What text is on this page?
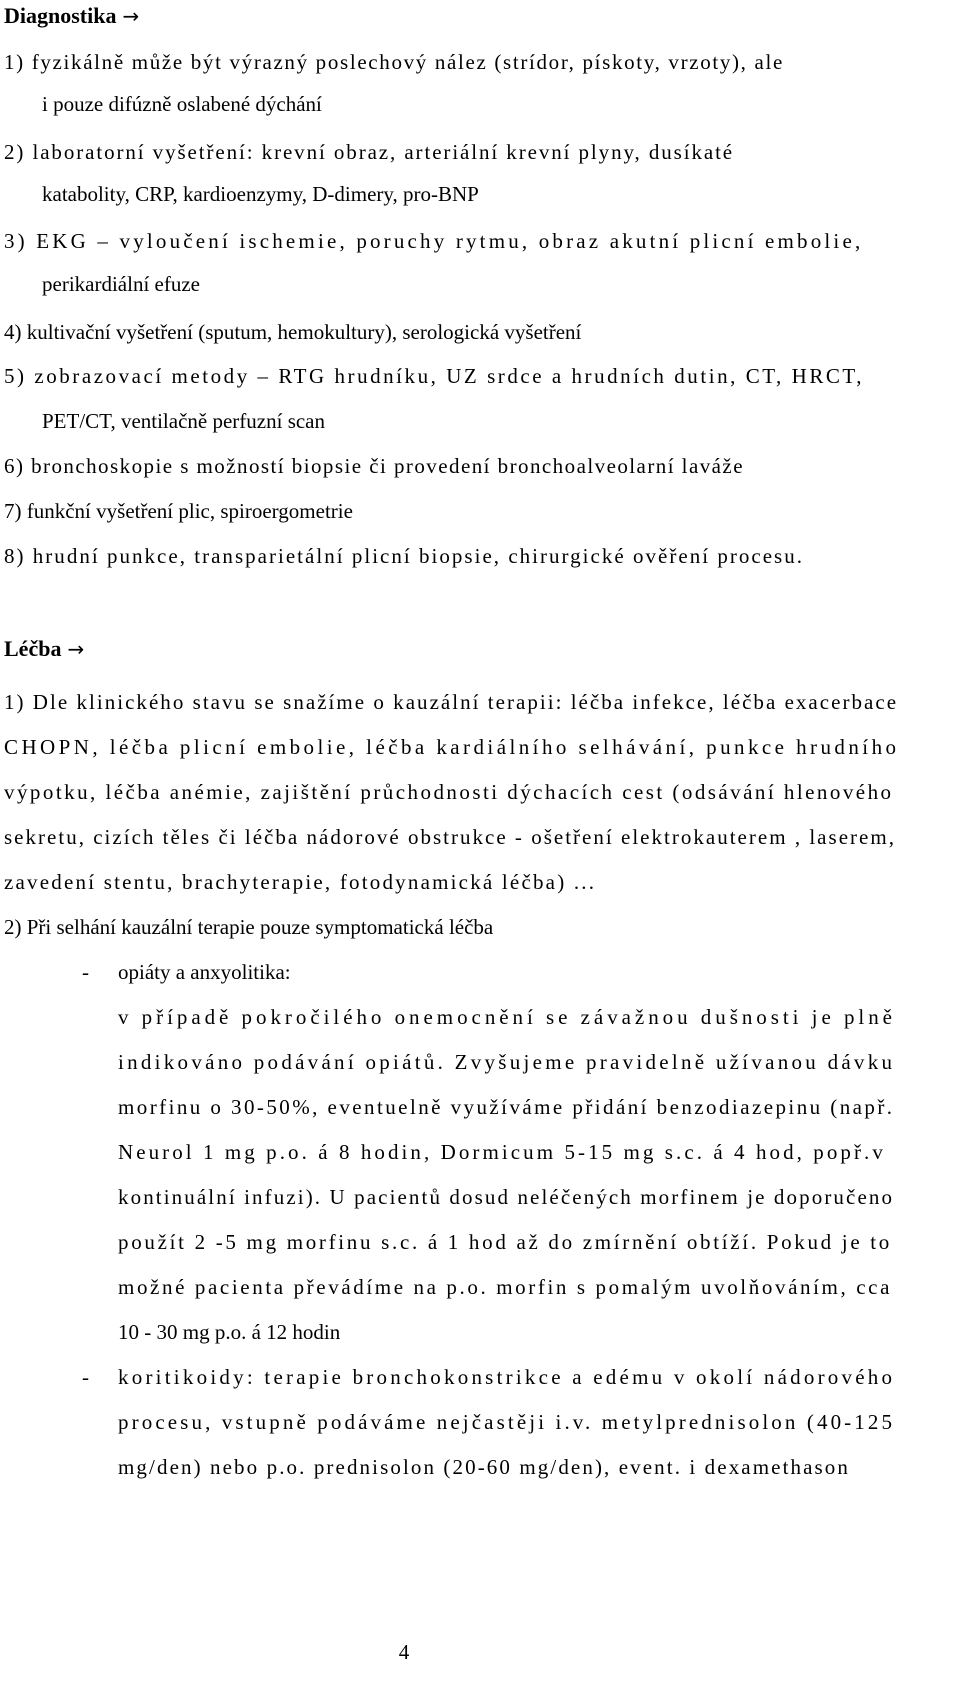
Diagnostika →
1) fyzikálně může být výrazný poslechový nález (strídor, pískoty, vrzoty), ale
i pouze difúzně oslabené dýchání
2) laboratorní vyšetření: krevní obraz, arteriální krevní plyny, dusíkaté
katabolity, CRP, kardioenzymy, D-dimery, pro-BNP
3) EKG – vyloučení ischemie, poruchy rytmu, obraz akutní plicní embolie,
perikardiální efuze
4) kultivační vyšetření (sputum, hemokultury), serologická vyšetření
5) zobrazovací metody – RTG hrudníku, UZ srdce a hrudních dutin, CT, HRCT,
PET/CT, ventilačně perfuzní scan
6) bronchoskopie s možností biopsie či provedení bronchoalveolarní laváže
7) funkční vyšetření plic, spiroergometrie
8) hrudní punkce, transparietální plicní biopsie, chirurgické ověření procesu.
Léčba →
1) Dle klinického stavu se snažíme o kauzální terapii: léčba infekce, léčba exacerbace
CHOPN, léčba plicní embolie, léčba kardiálního selhávání, punkce hrudního
výpotku, léčba anémie, zajištění průchodnosti dýchacích cest (odsávání hlenového
sekretu, cizích těles či léčba nádorové obstrukce - ošetření elektrokauterem , laserem,
zavedení stentu, brachyterapie, fotodynamická léčba) ...
2) Při selhání kauzální terapie pouze symptomatická léčba
- opiáty a anxyolitika:
v případě pokročilého onemocnění se závažnou dušnosti je plně
indikováno podávání opiátů. Zvyšujeme pravidelně užívanou dávku
morfinu o 30-50%, eventuelně využíváme přidání benzodiazepinu (např.
Neurol 1 mg p.o. á 8 hodin, Dormicum 5-15 mg s.c. á 4 hod, popř.v
kontinuální infuzi). U pacientů dosud neléčených morfinem je doporučeno
použít 2 -5 mg morfinu s.c. á 1 hod až do zmírnění obtíží. Pokud je to
možné pacienta převádíme na p.o. morfin s pomalým uvolňováním, cca
10 - 30 mg p.o. á 12 hodin
- koritikoidy: terapie bronchokonstrikce a edému v okolí nádorového
procesu, vstupně podáváme nejčastěji i.v. metylprednisolon (40-125
mg/den) nebo p.o. prednisolon (20-60 mg/den), event. i dexamethason
4
